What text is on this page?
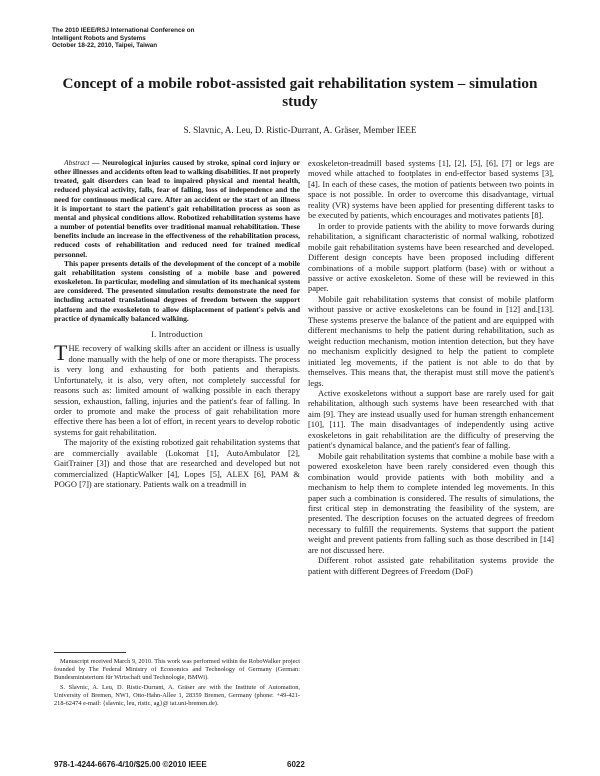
The 2010 IEEE/RSJ International Conference on
Intelligent Robots and Systems
October 18-22, 2010, Taipei, Taiwan
Concept of a mobile robot-assisted gait rehabilitation system – simulation study
S. Slavnic, A. Leu, D. Ristic-Durrant, A. Gräser, Member IEEE

Abstract — Neurological injuries caused by stroke, spinal cord injury or other illnesses and accidents often lead to walking disabilities. If not properly treated, gait disorders can lead to impaired physical and mental health, reduced physical activity, falls, fear of falling, loss of independence and the need for continuous medical care. After an accident or the start of an illness it is important to start the patient's gait rehabilitation process as soon as mental and physical conditions allow. Robotized rehabilitation systems have a number of potential benefits over traditional manual rehabilitation. These benefits include an increase in the effectiveness of the rehabilitation process, reduced costs of rehabilitation and reduced need for trained medical personnel.

This paper presents details of the development of the concept of a mobile gait rehabilitation system consisting of a mobile base and powered exoskeleton. In particular, modeling and simulation of its mechanical system are considered. The presented simulation results demonstrate the need for including actuated translational degrees of freedom between the support platform and the exoskeleton to allow displacement of patient's pelvis and practice of dynamically balanced walking.

I. Introduction

THE recovery of walking skills after an accident or illness is usually done manually with the help of one or more therapists. The process is very long and exhausting for both patients and therapists. Unfortunately, it is also, very often, not completely successful for reasons such as: limited amount of walking possible in each therapy session, exhaustion, falling, injuries and the patient's fear of falling. In order to promote and make the process of gait rehabilitation more effective there has been a lot of effort, in recent years to develop robotic systems for gait rehabilitation.

The majority of the existing robotized gait rehabilitation systems that are commercially available (Lokomat [1], AutoAmbulator [2], GaitTrainer [3]) and those that are researched and developed but not commercialized (HapticWalker [4], Lopes [5], ALEX [6], PAM & POGO [7]) are stationary. Patients walk on a treadmill in

Manuscript received March 9, 2010. This work was performed within the RoboWalker project founded by The Federal Ministry of Economics and Technology of Germany (German: Bundesministerium für Wirtschaft und Technologie, BMWi).

S. Slavnic, A. Leu, D. Ristic-Durrant, A. Gräser are with the Institute of Automation, University of Bremen, NW1, Otto-Hahn-Allee 1, 28359 Bremen, Germany (phone: +49-421-218-62474 e-mail: {slavnic, leu, ristic, ag}@ iat.uni-bremen.de).

exoskeleton-treadmill based systems [1], [2], [5], [6], [7] or legs are moved while attached to footplates in end-effector based systems [3], [4]. In each of these cases, the motion of patients between two points in space is not possible. In order to overcome this disadvantage, virtual reality (VR) systems have been applied for presenting different tasks to be executed by patients, which encourages and motivates patients [8].

In order to provide patients with the ability to move forwards during rehabilitation, a significant characteristic of normal walking, robotized mobile gait rehabilitation systems have been researched and developed. Different design concepts have been proposed including different combinations of a mobile support platform (base) with or without a passive or active exoskeleton. Some of these will be reviewed in this paper.

Mobile gait rehabilitation systems that consist of mobile platform without passive or active exoskeletons can be found in [12] and.[13]. These systems preserve the balance of the patient and are equipped with different mechanisms to help the patient during rehabilitation, such as weight reduction mechanism, motion intention detection, but they have no mechanism explicitly designed to help the patient to complete initiated leg movements, if the patient is not able to do that by themselves. This means that, the therapist must still move the patient's legs.

Active exoskeletons without a support base are rarely used for gait rehabilitation, although such systems have been researched with that aim [9]. They are instead usually used for human strength enhancement [10], [11]. The main disadvantages of independently using active exoskeletons in gait rehabilitation are the difficulty of preserving the patient's dynamical balance, and the patient's fear of falling.

Mobile gait rehabilitation systems that combine a mobile base with a powered exoskeleton have been rarely considered even though this combination would provide patients with both mobility and a mechanism to help them to complete intended leg movements. In this paper such a combination is considered. The results of simulations, the first critical step in demonstrating the feasibility of the system, are presented. The description focuses on the actuated degrees of freedom necessary to fulfill the requirements. Systems that support the patient weight and prevent patients from falling such as those described in [14] are not discussed here.

Different robot assisted gate rehabilitation systems provide the patient with different Degrees of Freedom (DoF)

978-1-4244-6676-4/10/$25.00 ©2010 IEEE	6022
